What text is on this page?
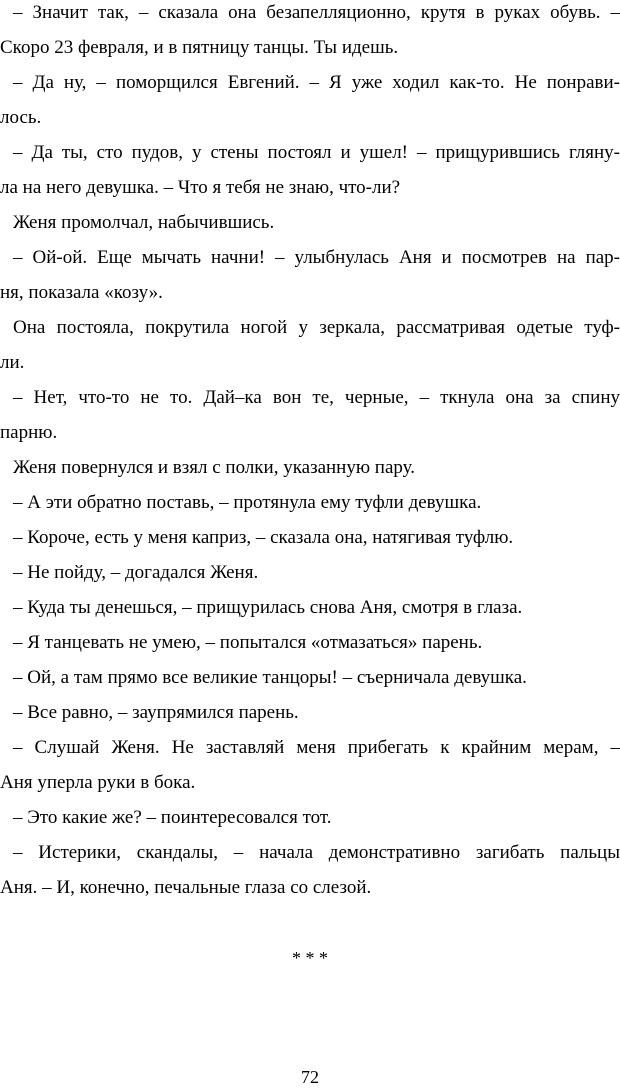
– Значит так, – сказала она безапелляционно, крутя в руках обувь. –
Скоро 23 февраля, и в пятницу танцы. Ты идешь.
– Да ну, – поморщился Евгений. – Я уже ходил как-то. Не понрави-
лось.
– Да ты, сто пудов, у стены постоял и ушел! – прищурившись гляну-
ла на него девушка. – Что я тебя не знаю, что-ли?
Женя промолчал, набычившись.
– Ой-ой. Еще мычать начни! – улыбнулась Аня и посмотрев на пар-
ня, показала «козу».
Она постояла, покрутила ногой у зеркала, рассматривая одетые туф-
ли.
– Нет, что-то не то. Дай–ка вон те, черные, – ткнула она за спину
парню.
Женя повернулся и взял с полки, указанную пару.
– А эти обратно поставь, – протянула ему туфли девушка.
– Короче, есть у меня каприз, – сказала она, натягивая туфлю.
– Не пойду, – догадался Женя.
– Куда ты денешься, – прищурилась снова Аня, смотря в глаза.
– Я танцевать не умею, – попытался «отмазаться» парень.
– Ой, а там прямо все великие танцоры! – съерничала девушка.
– Все равно, – заупрямился парень.
– Слушай Женя. Не заставляй меня прибегать к крайним мерам, –
Аня уперла руки в бока.
– Это какие же? – поинтересовался тот.
– Истерики, скандалы, – начала демонстративно загибать пальцы
Аня. – И, конечно, печальные глаза со слезой.
* * *
72
